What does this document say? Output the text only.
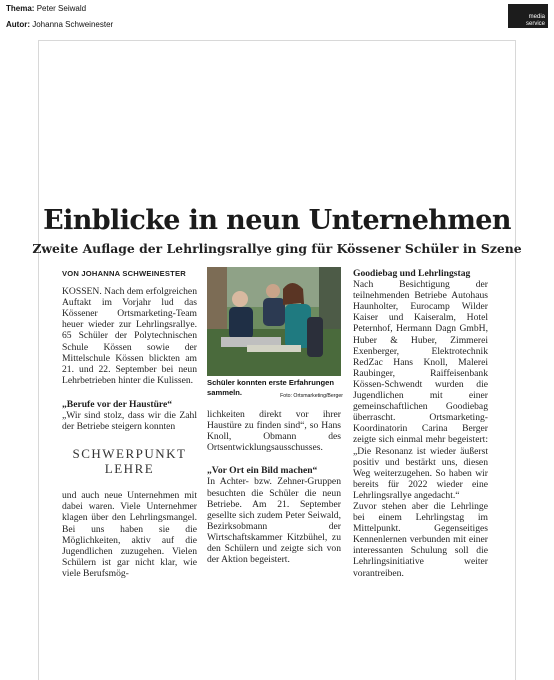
Thema: Peter Seiwald
Autor: Johanna Schweinester
media
service
Einblicke in neun Unternehmen
Zweite Auflage der Lehrlingsrallye ging für Kössener Schüler in Szene

VON JOHANNA SCHWEINESTER

KOSSEN. Nach dem erfolgreichen Auftakt im Vorjahr lud das Kössener Ortsmarketing-Team heuer wieder zur Lehrlingsrallye. 65 Schüler der Polytechnischen Schule Kössen sowie der Mittelschule Kössen blickten am 21. und 22. September bei neun Lehrbetrieben hinter die Kulissen.

„Berufe vor der Haustüre“

„Wir sind stolz, dass wir die Zahl der Betriebe steigern konnten

SCHWERPUNKT
LEHRE

und auch neue Unternehmen mit dabei waren. Viele Unternehmer klagen über den Lehrlingsmangel. Bei uns haben sie die Möglichkeiten, aktiv auf die Jugendlichen zuzugehen. Vielen Schülern ist gar nicht klar, wie viele Berufsmög-

Schüler konnten erste Erfahrungen sammeln.	Foto: Ortsmarketing/Berger

lichkeiten direkt vor ihrer Haustüre zu finden sind“, so Hans Knoll, Obmann des Ortsentwicklungsausschusses.

„Vor Ort ein Bild machen“

In Achter- bzw. Zehner-Gruppen besuchten die Schüler die neun Betriebe. Am 21. September gesellte sich zudem Peter Seiwald, Bezirksobmann der Wirtschaftskammer Kitzbühel, zu den Schülern und zeigte sich von der Aktion begeistert.

Goodiebag und Lehrlingstag

Nach Besichtigung der teilnehmenden Betriebe Autohaus Haunholter, Eurocamp Wilder Kaiser und Kaiseralm, Hotel Peternhof, Hermann Dagn GmbH, Huber & Huber, Zimmerei Exenberger, Elektrotechnik RedZac Hans Knoll, Malerei Raubinger, Raiffeisenbank Kössen-Schwendt wurden die Jugendlichen mit einer gemeinschaftlichen Goodiebag überrascht. Ortsmarketing-Koordinatorin Carina Berger zeigte sich einmal mehr begeistert: „Die Resonanz ist wieder äußerst positiv und bestärkt uns, diesen Weg weiterzugehen. So haben wir bereits für 2022 wieder eine Lehrlingsrallye angedacht.“

Zuvor stehen aber die Lehrlinge bei einem Lehrlingstag im Mittelpunkt. Gegenseitiges Kennenlernen verbunden mit einer interessanten Schulung soll die Lehrlingsinitiative weiter vorantreiben.
